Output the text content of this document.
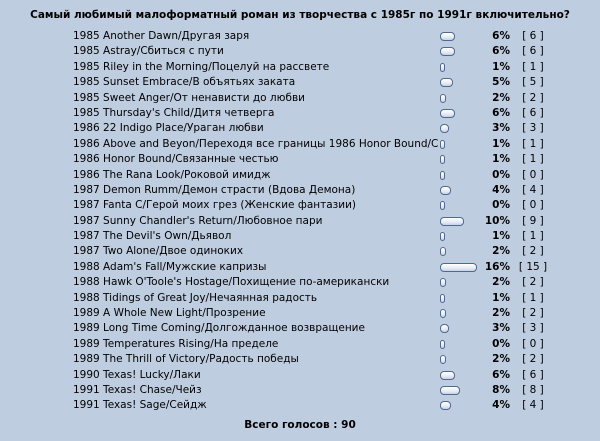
Самый любимый малоформатный роман из творчества с 1985г по 1991г включительно?
1985 Another Dawn/Другая заря	6%	[ 6 ]
1985 Astray/Сбиться с пути	6%	[ 6 ]
1985 Riley in the Morning/Поцелуй на рассвете	1%	[ 1 ]
1985 Sunset Embrace/В объятьях заката	5%	[ 5 ]
1985 Sweet Anger/От ненависти до любви	2%	[ 2 ]
1985 Thursday's Child/Дитя четверга	6%	[ 6 ]
1986 22 Indigo Place/Ураган любви	3%	[ 3 ]
1986 Above and Beyon/Переходя все границы 1986 Honor Bound/С	1%	[ 1 ]
1986 Honor Bound/Связанные честью	1%	[ 1 ]
1986 The Rana Look/Роковой имидж	0%	[ 0 ]
1987 Demon Rumm/Демон страсти (Вдова Демона)	4%	[ 4 ]
1987 Fanta C/Герой моих грез (Женские фантазии)	0%	[ 0 ]
1987 Sunny Chandler's Return/Любовное пари	10%	[ 9 ]
1987 The Devil's Own/Дьявол	1%	[ 1 ]
1987 Two Alone/Двое одиноких	2%	[ 2 ]
1988 Adam's Fall/Мужские капризы	16% [ 15 ]
1988 Hawk O'Toole's Hostage/Похищение по-американски	2%	[ 2 ]
1988 Tidings of Great Joy/Нечаянная радость	1%	[ 1 ]
1989 A Whole New Light/Прозрение	2%	[ 2 ]
1989 Long Time Coming/Долгожданное возвращение	3%	[ 3 ]
1989 Temperatures Rising/На пределе	0%	[ 0 ]
1989 The Thrill of Victory/Радость победы	2%	[ 2 ]
1990 Texas! Lucky/Лаки	6%	[ 6 ]
1991 Texas! Chase/Чейз	8%	[ 8 ]
1991 Texas! Sage/Сейдж	4%	[ 4 ]
Всего голосов : 90
